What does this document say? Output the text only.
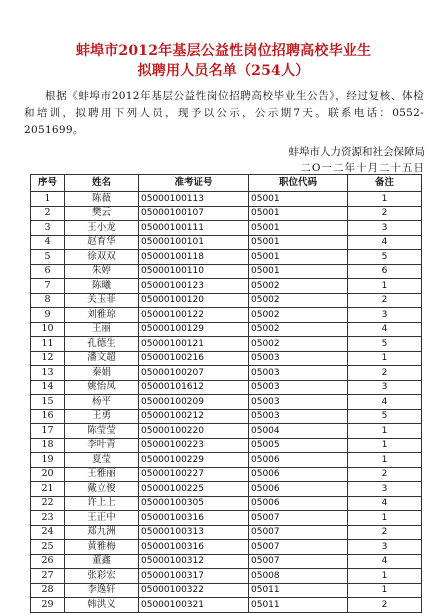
蚌埠市2012年基层公益性岗位招聘高校毕业生
拟聘用人员名单（254人）
根据《蚌埠市2012年基层公益性岗位招聘高校毕业生公告》，经过复核、体检和培训，拟聘用下列人员，现予以公示，公示期7天。联系电话：0552-2051699。
蚌埠市人力资源和社会保障局
二O一二年十月二十五日
序号	姓名	准考证号	职位代码	备注
1	陈薇	05000100113	05001	1
2	樊云	05000100107	05001	2
3	王小龙	05000100111	05001	3
4	赵育华	05000100101	05001	4
5	徐双双	05000100118	05001	5
6	朱婷	05000100110	05001	6
7	陈曦	05000100123	05002	1
8	关玉菲	05000100120	05002	2
9	刘雅琼	05000100122	05002	3
10	王丽	05000100129	05002	4
11	孔德生	05000100121	05002	5
12	潘文超	05000100216	05003	1
13	秦娟	05000100207	05003	2
14	姚怡凤	05000101612	05003	3
15	杨平	05000100209	05003	4
16	王勇	05000100212	05003	5
17	陈莹莹	05000100220	05004	1
18	李叶青	05000100223	05005	1
19	夏莹	05000100229	05006	1
20	王雅丽	05000100227	05006	2
21	戴立俊	05000100225	05006	3
22	许上上	05000100305	05006	4
23	王正中	05000100316	05007	1
24	郑九洲	05000100313	05007	2
25	黄雅梅	05000100316	05007	3
26	董鑫	05000100312	05007	4
27	张彩宏	05000100317	05008	1
28	李逸轩	05000100322	05011	1
29	韩洪义	05000100321	05011	2
